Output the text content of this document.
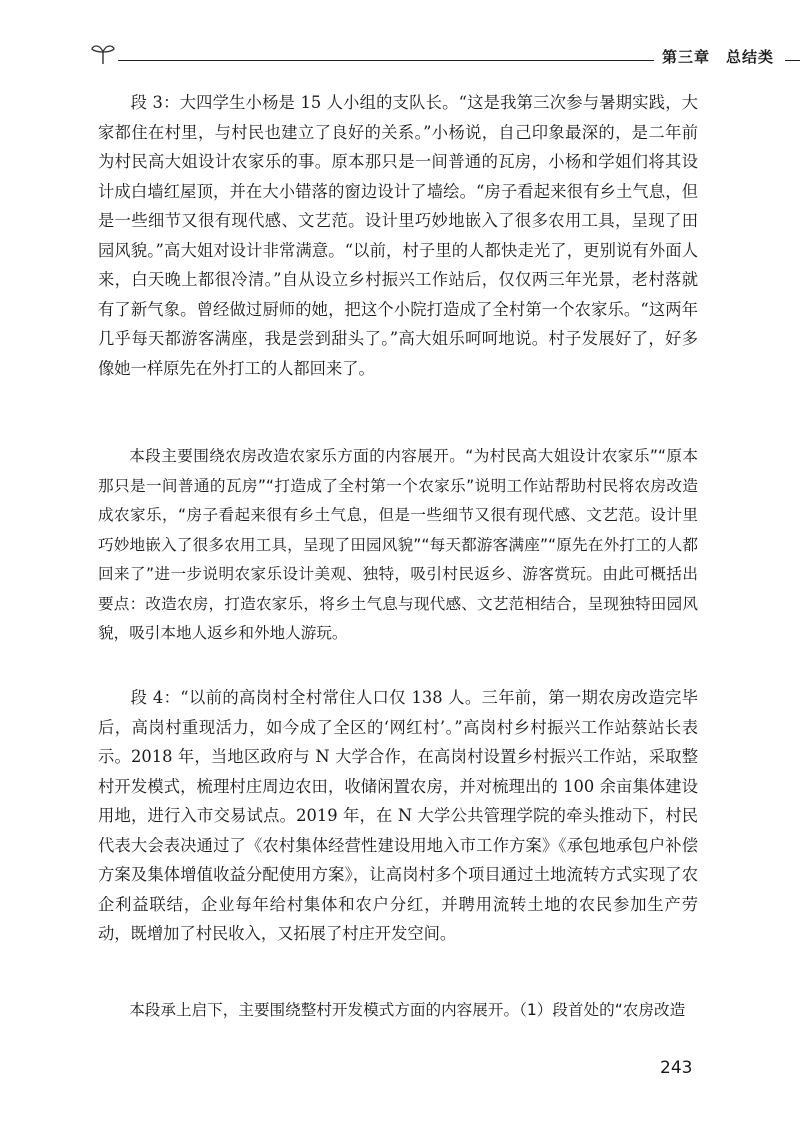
第三章　总结类

段 3：大四学生小杨是 15 人小组的支队长。“这是我第三次参与暑期实践，大家都住在村里，与村民也建立了良好的关系。”小杨说，自己印象最深的，是二年前为村民高大姐设计农家乐的事。原本那只是一间普通的瓦房，小杨和学姐们将其设计成白墙红屋顶，并在大小错落的窗边设计了墙绘。“房子看起来很有乡土气息，但是一些细节又很有现代感、文艺范。设计里巧妙地嵌入了很多农用工具，呈现了田园风貌。”高大姐对设计非常满意。“以前，村子里的人都快走光了，更别说有外面人来，白天晚上都很冷清。”自从设立乡村振兴工作站后，仅仅两三年光景，老村落就有了新气象。曾经做过厨师的她，把这个小院打造成了全村第一个农家乐。“这两年几乎每天都游客满座，我是尝到甜头了。”高大姐乐呵呵地说。村子发展好了，好多像她一样原先在外打工的人都回来了。

本段主要围绕农房改造农家乐方面的内容展开。“为村民高大姐设计农家乐”“原本那只是一间普通的瓦房”“打造成了全村第一个农家乐”说明工作站帮助村民将农房改造成农家乐，“房子看起来很有乡土气息，但是一些细节又很有现代感、文艺范。设计里巧妙地嵌入了很多农用工具，呈现了田园风貌”“每天都游客满座”“原先在外打工的人都回来了”进一步说明农家乐设计美观、独特，吸引村民返乡、游客赏玩。由此可概括出要点：改造农房，打造农家乐，将乡土气息与现代感、文艺范相结合，呈现独特田园风貌，吸引本地人返乡和外地人游玩。

段 4：“以前的高岗村全村常住人口仅 138 人。三年前，第一期农房改造完毕后，高岗村重现活力，如今成了全区的‘网红村’。”高岗村乡村振兴工作站蔡站长表示。2018 年，当地区政府与 N 大学合作，在高岗村设置乡村振兴工作站，采取整村开发模式，梳理村庄周边农田，收储闲置农房，并对梳理出的 100 余亩集体建设用地，进行入市交易试点。2019 年，在 N 大学公共管理学院的牵头推动下，村民代表大会表决通过了《农村集体经营性建设用地入市工作方案》《承包地承包户补偿方案及集体增值收益分配使用方案》，让高岗村多个项目通过土地流转方式实现了农企利益联结，企业每年给村集体和农户分红，并聘用流转土地的农民参加生产劳动，既增加了村民收入，又拓展了村庄开发空间。

本段承上启下，主要围绕整村开发模式方面的内容展开。（1）段首处的“农房改造

243
